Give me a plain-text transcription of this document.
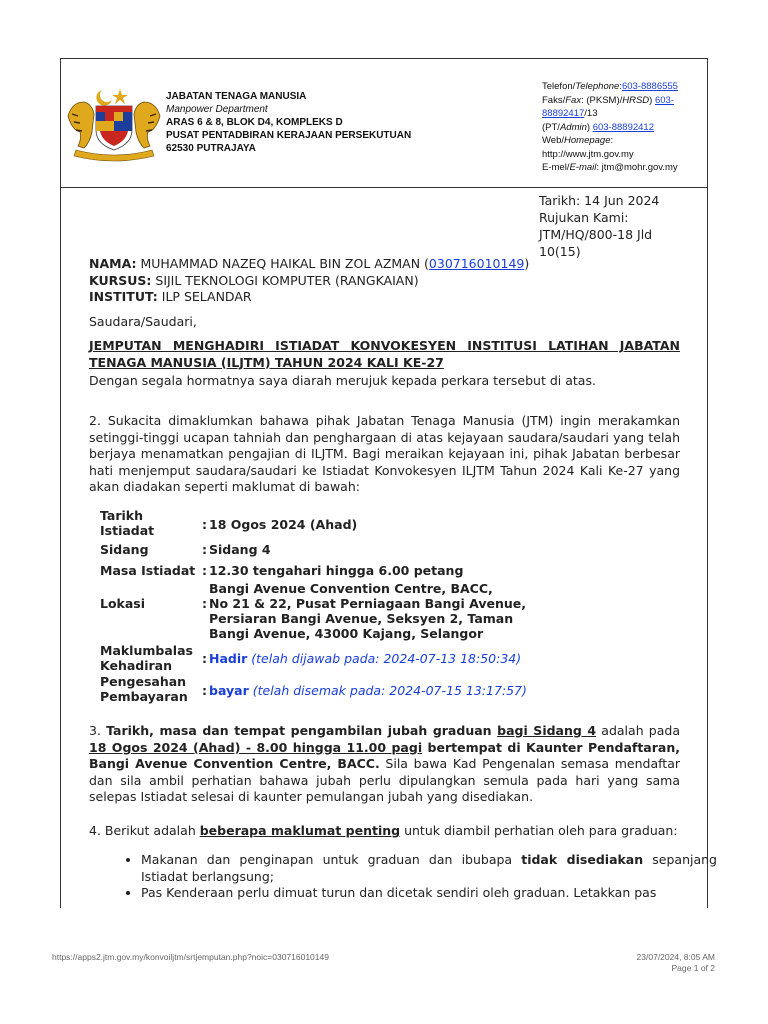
JABATAN TENAGA MANUSIA
Manpower Department
ARAS 6 & 8, BLOK D4, KOMPLEKS D
PUSAT PENTADBIRAN KERAJAAN PERSEKUTUAN
62530 PUTRAJAYA
Telefon/Telephone:603-8886555
Faks/Fax: (PKSM)/HRSD) 603-
88892417/13
(PT/Admin) 603-88892412
Web/Homepage:
http://www.jtm.gov.my
E-mel/E-mail: jtm@mohr.gov.my
Tarikh: 14 Jun 2024
Rujukan Kami:
JTM/HQ/800-18 Jld
10(15)
NAMA: MUHAMMAD NAZEQ HAIKAL BIN ZOL AZMAN (030716010149)
KURSUS: SIJIL TEKNOLOGI KOMPUTER (RANGKAIAN)
INSTITUT: ILP SELANDAR
Saudara/Saudari,
JEMPUTAN MENGHADIRI ISTIADAT KONVOKESYEN INSTITUSI LATIHAN JABATAN
TENAGA MANUSIA (ILJTM) TAHUN 2024 KALI KE-27
Dengan segala hormatnya saya diarah merujuk kepada perkara tersebut di atas.
2. Sukacita dimaklumkan bahawa pihak Jabatan Tenaga Manusia (JTM) ingin merakamkan setinggi-tinggi ucapan tahniah dan penghargaan di atas kejayaan saudara/saudari yang telah berjaya menamatkan pengajian di ILJTM. Bagi meraikan kejayaan ini, pihak Jabatan berbesar hati menjemput saudara/saudari ke Istiadat Konvokesyen ILJTM Tahun 2024 Kali Ke-27 yang akan diadakan seperti maklumat di bawah:
Tarikh
Istiadat	: 18 Ogos 2024 (Ahad)
Sidang	: Sidang 4
Masa Istiadat : 12.30 tengahari hingga 6.00 petang
Lokasi	:
Bangi Avenue Convention Centre, BACC,
No 21 & 22, Pusat Perniagaan Bangi Avenue,
Persiaran Bangi Avenue, Seksyen 2, Taman
Bangi Avenue, 43000 Kajang, Selangor
Maklumbalas
Kehadiran	: Hadir (telah dijawab pada: 2024-07-13 18:50:34)
Pengesahan
Pembayaran	: bayar (telah disemak pada: 2024-07-15 13:17:57)
3. Tarikh, masa dan tempat pengambilan jubah graduan bagi Sidang 4 adalah pada 18 Ogos 2024 (Ahad) - 8.00 hingga 11.00 pagi bertempat di Kaunter Pendaftaran, Bangi Avenue Convention Centre, BACC. Sila bawa Kad Pengenalan semasa mendaftar dan sila ambil perhatian bahawa jubah perlu dipulangkan semula pada hari yang sama selepas Istiadat selesai di kaunter pemulangan jubah yang disediakan.
4. Berikut adalah beberapa maklumat penting untuk diambil perhatian oleh para graduan:
• Makanan dan penginapan untuk graduan dan ibubapa tidak disediakan sepanjang Istiadat berlangsung;
• Pas Kenderaan perlu dimuat turun dan dicetak sendiri oleh graduan. Letakkan pas
https://apps2.jtm.gov.my/konvoiljtm/srtjemputan.php?noic=030716010149	23/07/2024, 8:05 AM
Page 1 of 2
